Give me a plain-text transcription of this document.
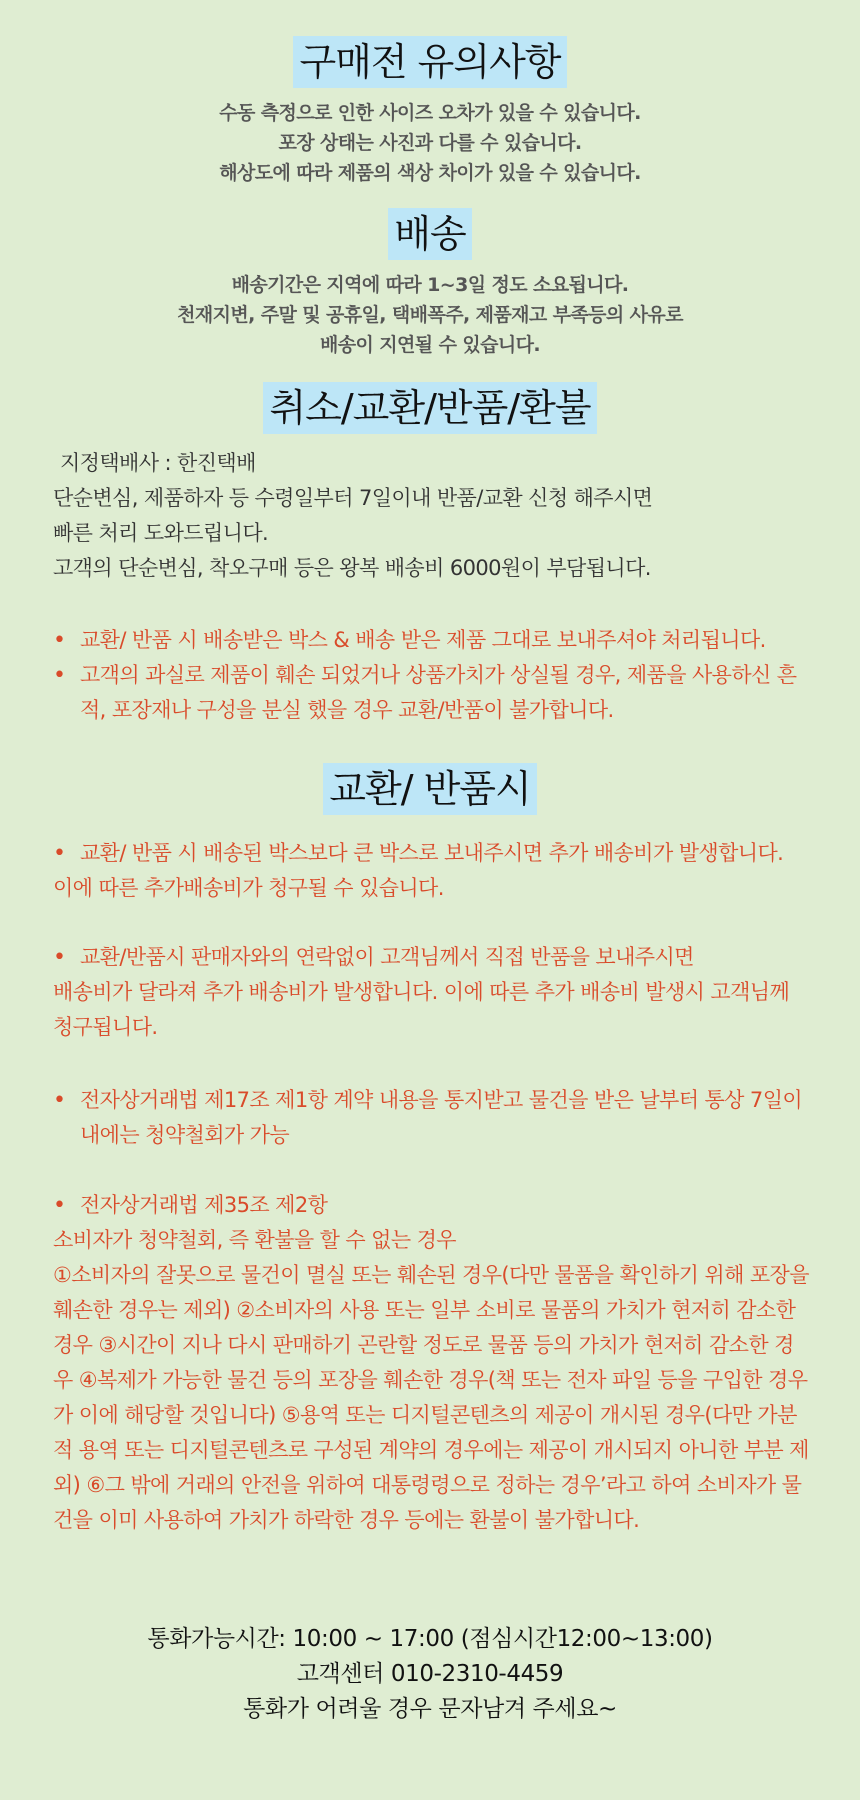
구매전 유의사항

수동 측정으로 인한 사이즈 오차가 있을 수 있습니다.

포장 상태는 사진과 다를 수 있습니다.

해상도에 따라 제품의 색상 차이가 있을 수 있습니다.

배송

배송기간은 지역에 따라 1~3일 정도 소요됩니다.

천재지변, 주말 및 공휴일, 택배폭주, 제품재고 부족등의 사유로

배송이 지연될 수 있습니다.

취소/교환/반품/환불

지정택배사 : 한진택배

단순변심, 제품하자 등 수령일부터 7일이내 반품/교환 신청 해주시면

빠른 처리 도와드립니다.

고객의 단순변심, 착오구매 등은 왕복 배송비 6000원이 부담됩니다.

• 교환/ 반품 시 배송받은 박스 & 배송 받은 제품 그대로 보내주셔야 처리됩니다.

• 고객의 과실로 제품이 훼손 되었거나 상품가치가 상실될 경우, 제품을 사용하신 흔적, 포장재나 구성을 분실 했을 경우 교환/반품이 불가합니다.

교환/ 반품시

• 교환/ 반품 시 배송된 박스보다 큰 박스로 보내주시면 추가 배송비가 발생합니다.

이에 따른 추가배송비가 청구될 수 있습니다.

• 교환/반품시 판매자와의 연락없이 고객님께서 직접 반품을 보내주시면

배송비가 달라져 추가 배송비가 발생합니다. 이에 따른 추가 배송비 발생시 고객님께 청구됩니다.

• 전자상거래법 제17조 제1항 계약 내용을 통지받고 물건을 받은 날부터 통상 7일이내에는 청약철회가 가능

• 전자상거래법 제35조 제2항

소비자가 청약철회, 즉 환불을 할 수 없는 경우

①소비자의 잘못으로 물건이 멸실 또는 훼손된 경우(다만 물품을 확인하기 위해 포장을 훼손한 경우는 제외) ②소비자의 사용 또는 일부 소비로 물품의 가치가 현저히 감소한 경우 ③시간이 지나 다시 판매하기 곤란할 정도로 물품 등의 가치가 현저히 감소한 경우 ④복제가 가능한 물건 등의 포장을 훼손한 경우(책 또는 전자 파일 등을 구입한 경우가 이에 해당할 것입니다) ⑤용역 또는 디지털콘텐츠의 제공이 개시된 경우(다만 가분적 용역 또는 디지털콘텐츠로 구성된 계약의 경우에는 제공이 개시되지 아니한 부분 제외) ⑥그 밖에 거래의 안전을 위하여 대통령령으로 정하는 경우’라고 하여 소비자가 물건을 이미 사용하여 가치가 하락한 경우 등에는 환불이 불가합니다.

통화가능시간: 10:00 ~ 17:00 (점심시간12:00~13:00)

고객센터 010-2310-4459

통화가 어려울 경우 문자남겨 주세요~
